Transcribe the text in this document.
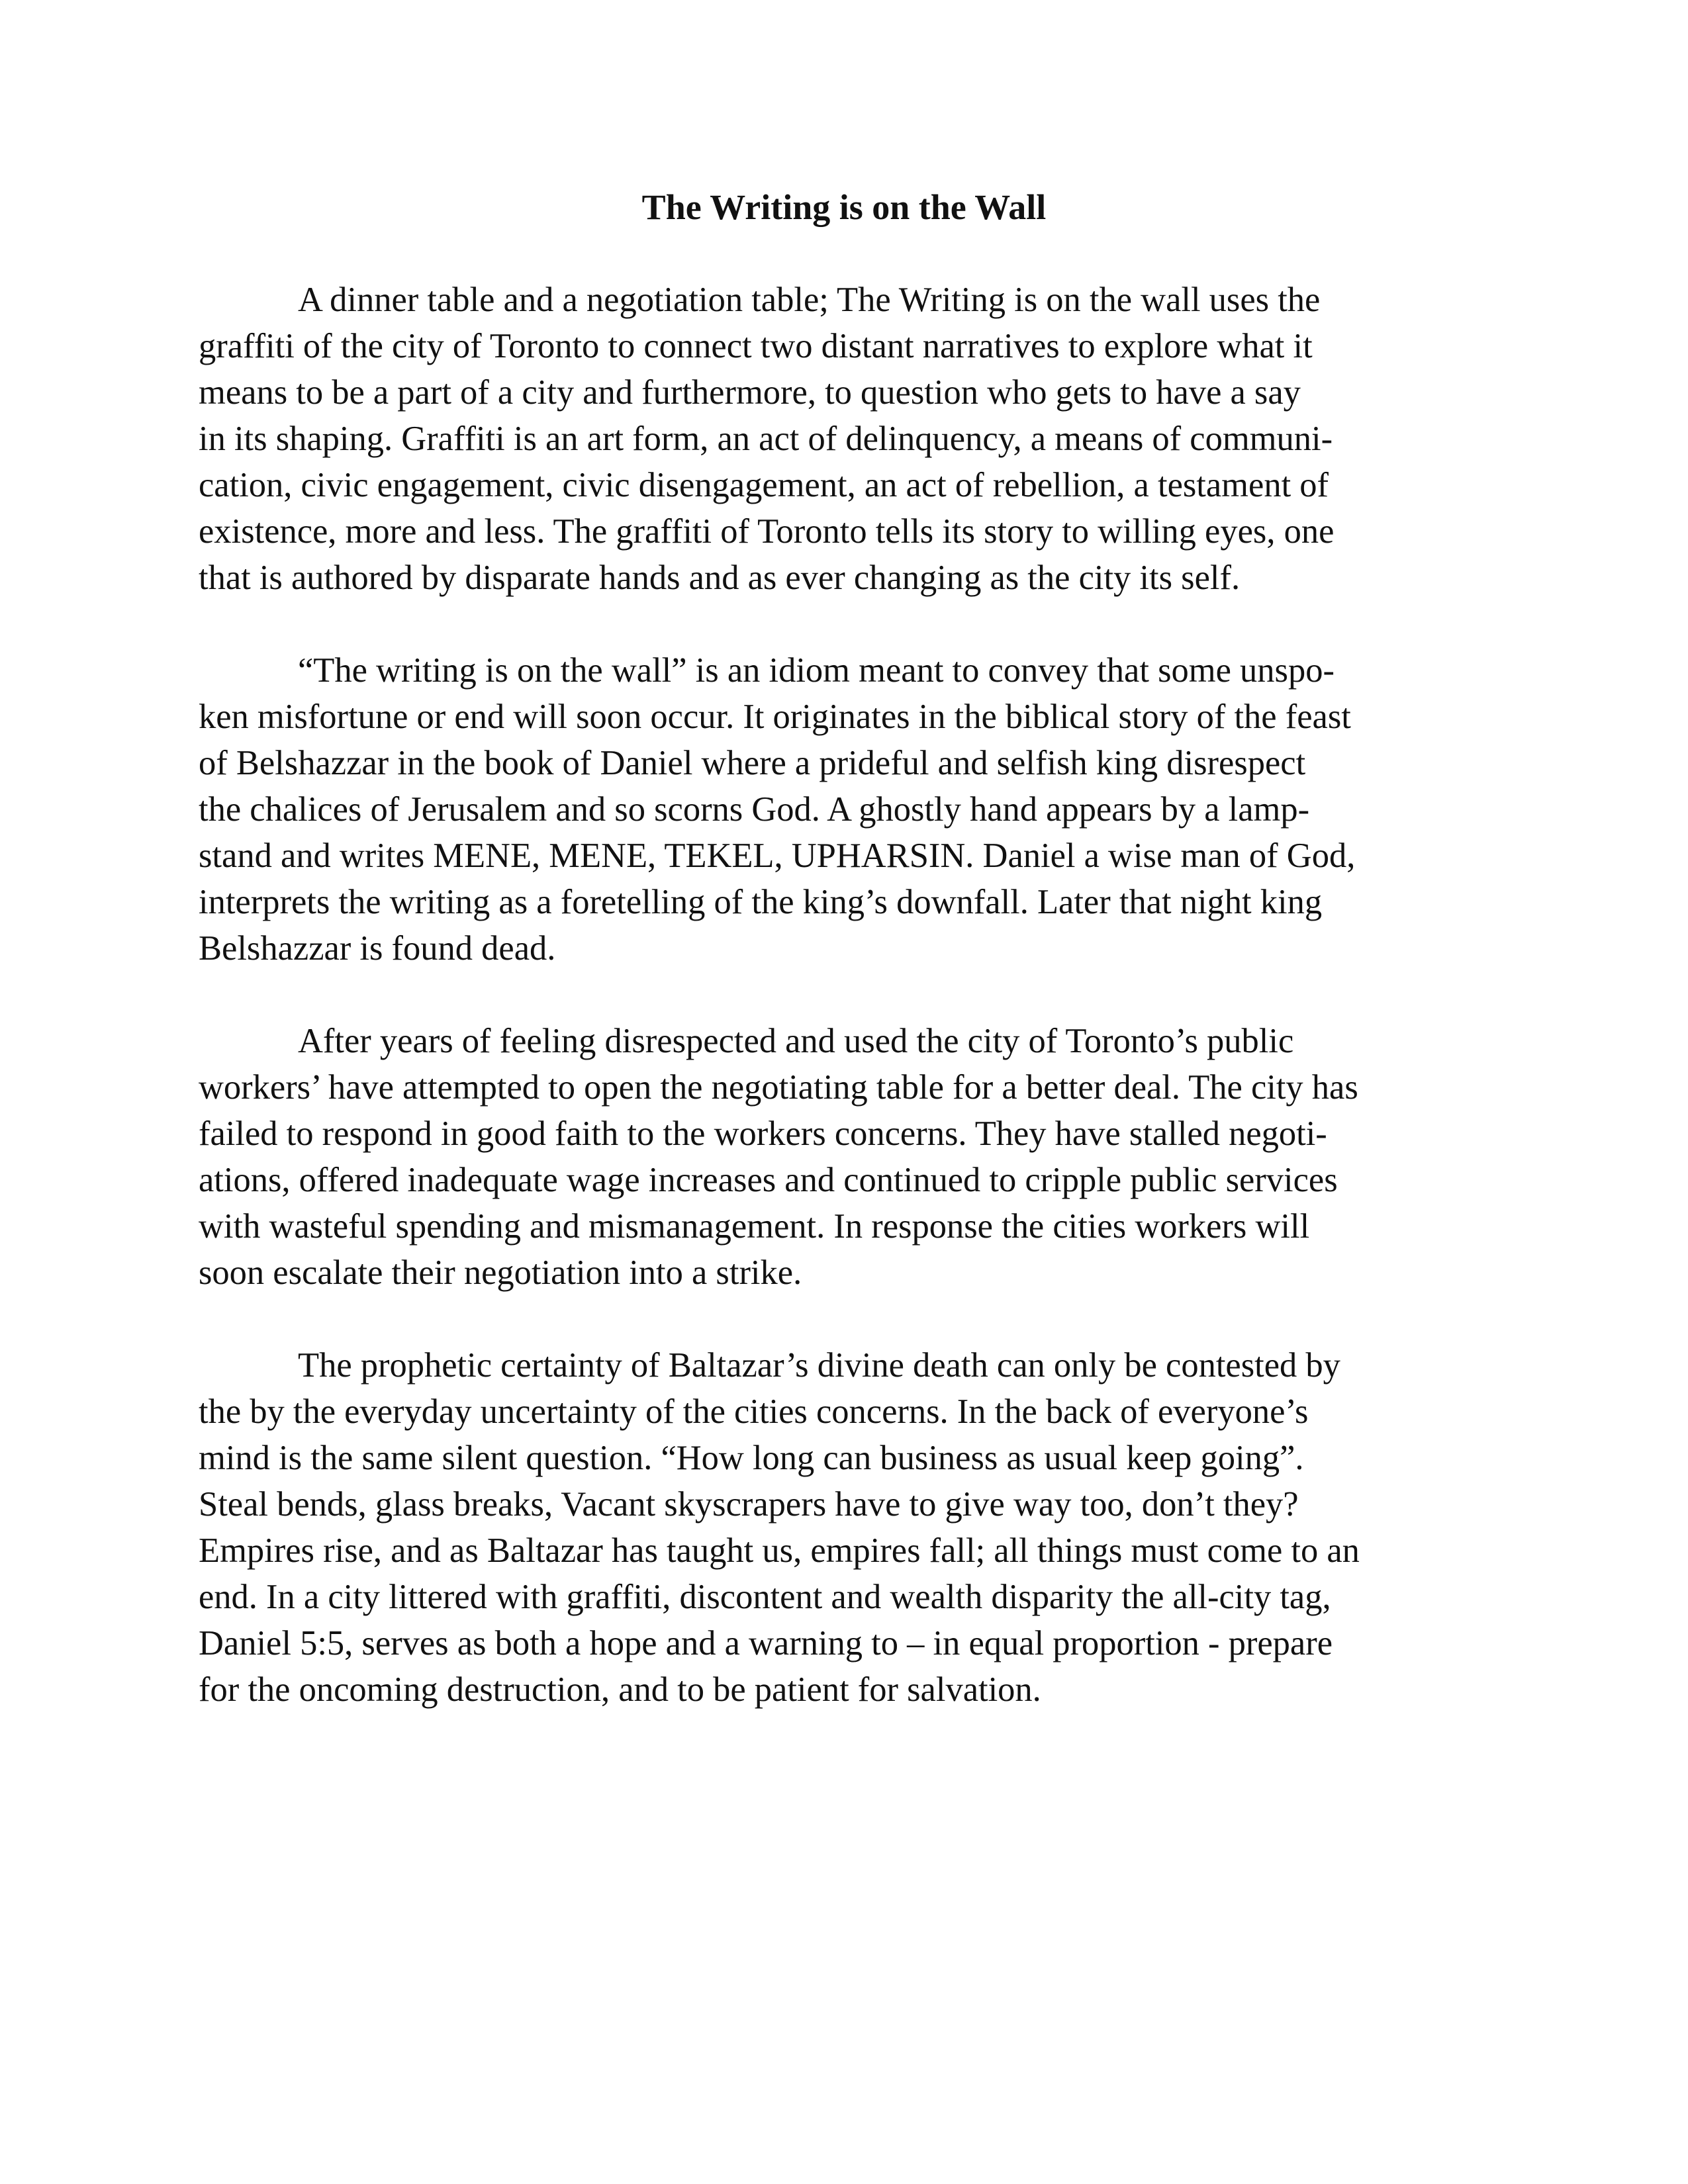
The Writing is on the Wall

A dinner table and a negotiation table; The Writing is on the wall uses the
graffiti of the city of Toronto to connect two distant narratives to explore what it
means to be a part of a city and furthermore, to question who gets to have a say
in its shaping. Graffiti is an art form, an act of delinquency, a means of communi-
cation, civic engagement, civic disengagement, an act of rebellion, a testament of
existence, more and less. The graffiti of Toronto tells its story to willing eyes, one
that is authored by disparate hands and as ever changing as the city its self.

“The writing is on the wall” is an idiom meant to convey that some unspo-
ken misfortune or end will soon occur. It originates in the biblical story of the feast
of Belshazzar in the book of Daniel where a prideful and selfish king disrespect
the chalices of Jerusalem and so scorns God. A ghostly hand appears by a lamp-
stand and writes MENE, MENE, TEKEL, UPHARSIN. Daniel a wise man of God,
interprets the writing as a foretelling of the king’s downfall. Later that night king
Belshazzar is found dead.

After years of feeling disrespected and used the city of Toronto’s public
workers’ have attempted to open the negotiating table for a better deal. The city has
failed to respond in good faith to the workers concerns. They have stalled negoti-
ations, offered inadequate wage increases and continued to cripple public services
with wasteful spending and mismanagement. In response the cities workers will
soon escalate their negotiation into a strike.

The prophetic certainty of Baltazar’s divine death can only be contested by
the by the everyday uncertainty of the cities concerns. In the back of everyone’s
mind is the same silent question. “How long can business as usual keep going”.
Steal bends, glass breaks, Vacant skyscrapers have to give way too, don’t they?
Empires rise, and as Baltazar has taught us, empires fall; all things must come to an
end. In a city littered with graffiti, discontent and wealth disparity the all-city tag,
Daniel 5:5, serves as both a hope and a warning to – in equal proportion - prepare
for the oncoming destruction, and to be patient for salvation.
